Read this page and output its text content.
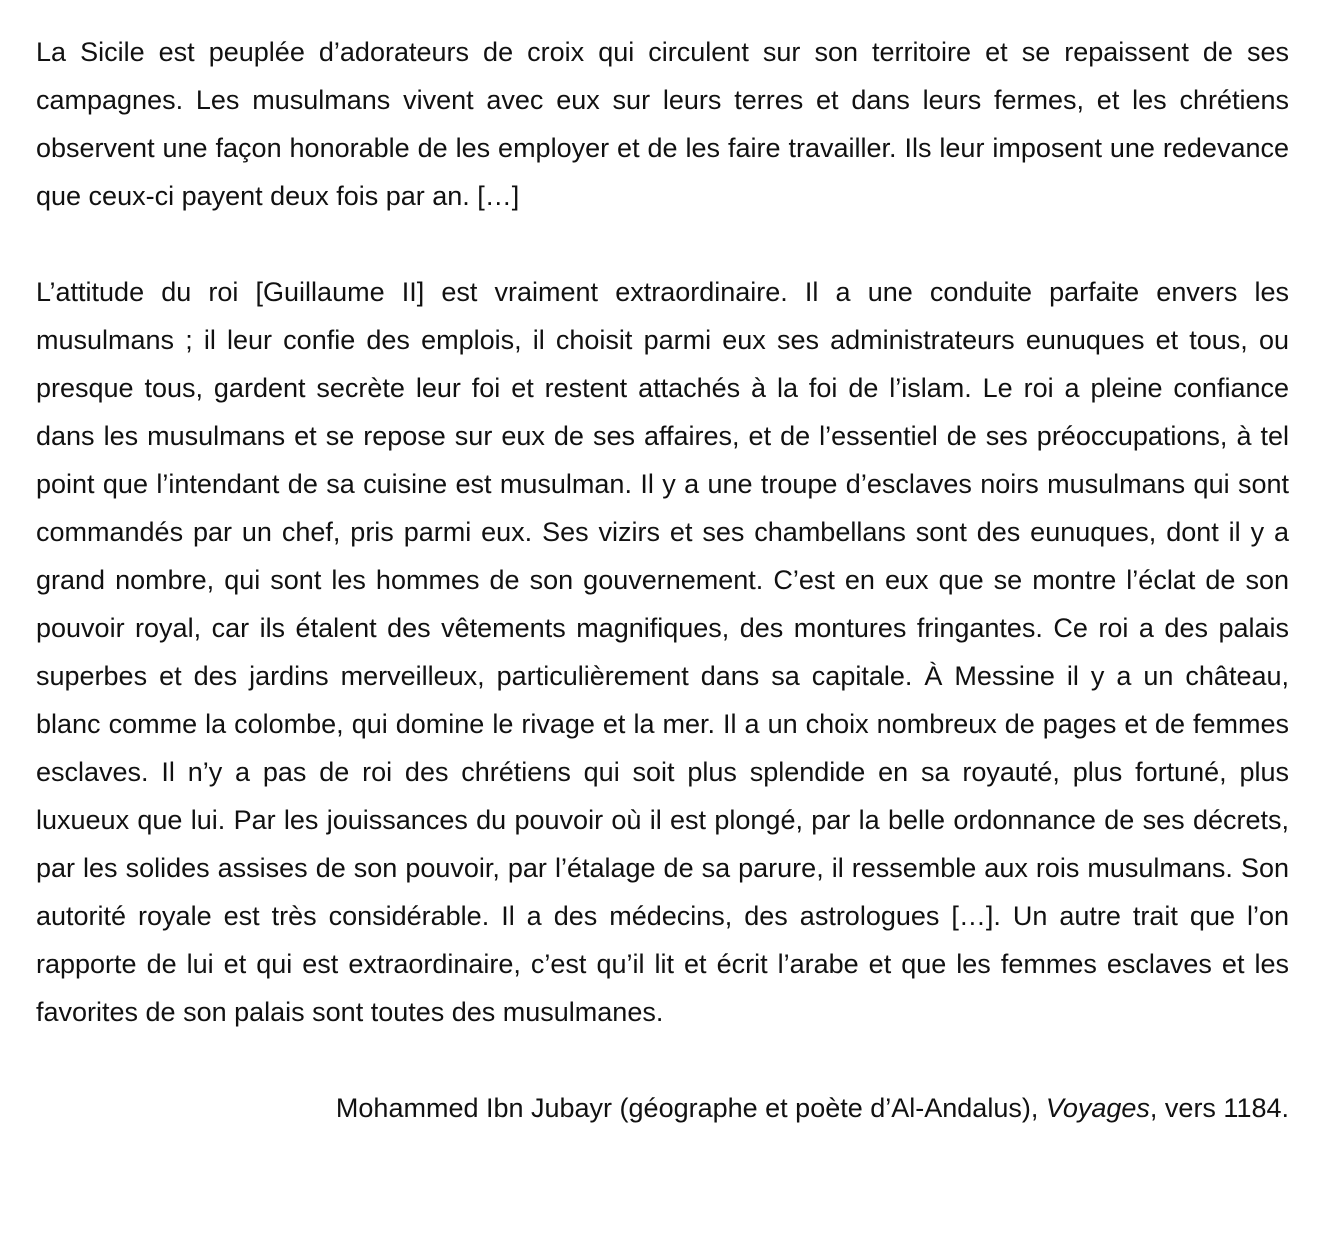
La Sicile est peuplée d’adorateurs de croix qui circulent sur son territoire et se repaissent de ses campagnes. Les musulmans vivent avec eux sur leurs terres et dans leurs fermes, et les chrétiens observent une façon honorable de les employer et de les faire travailler. Ils leur imposent une redevance que ceux-ci payent deux fois par an. […]

L’attitude du roi [Guillaume II] est vraiment extraordinaire. Il a une conduite parfaite envers les musulmans ; il leur confie des emplois, il choisit parmi eux ses administrateurs eunuques et tous, ou presque tous, gardent secrète leur foi et restent attachés à la foi de l’islam. Le roi a pleine confiance dans les musulmans et se repose sur eux de ses affaires, et de l’essentiel de ses préoccupations, à tel point que l’intendant de sa cuisine est musulman. Il y a une troupe d’esclaves noirs musulmans qui sont commandés par un chef, pris parmi eux. Ses vizirs et ses chambellans sont des eunuques, dont il y a grand nombre, qui sont les hommes de son gouvernement. C’est en eux que se montre l’éclat de son pouvoir royal, car ils étalent des vêtements magnifiques, des montures fringantes. Ce roi a des palais superbes et des jardins merveilleux, particulièrement dans sa capitale. À Messine il y a un château, blanc comme la colombe, qui domine le rivage et la mer. Il a un choix nombreux de pages et de femmes esclaves. Il n’y a pas de roi des chrétiens qui soit plus splendide en sa royauté, plus fortuné, plus luxueux que lui. Par les jouissances du pouvoir où il est plongé, par la belle ordonnance de ses décrets, par les solides assises de son pouvoir, par l’étalage de sa parure, il ressemble aux rois musulmans. Son autorité royale est très considérable. Il a des médecins, des astrologues […]. Un autre trait que l’on rapporte de lui et qui est extraordinaire, c’est qu’il lit et écrit l’arabe et que les femmes esclaves et les favorites de son palais sont toutes des musulmanes.

Mohammed Ibn Jubayr (géographe et poète d’Al-Andalus), Voyages, vers 1184.
